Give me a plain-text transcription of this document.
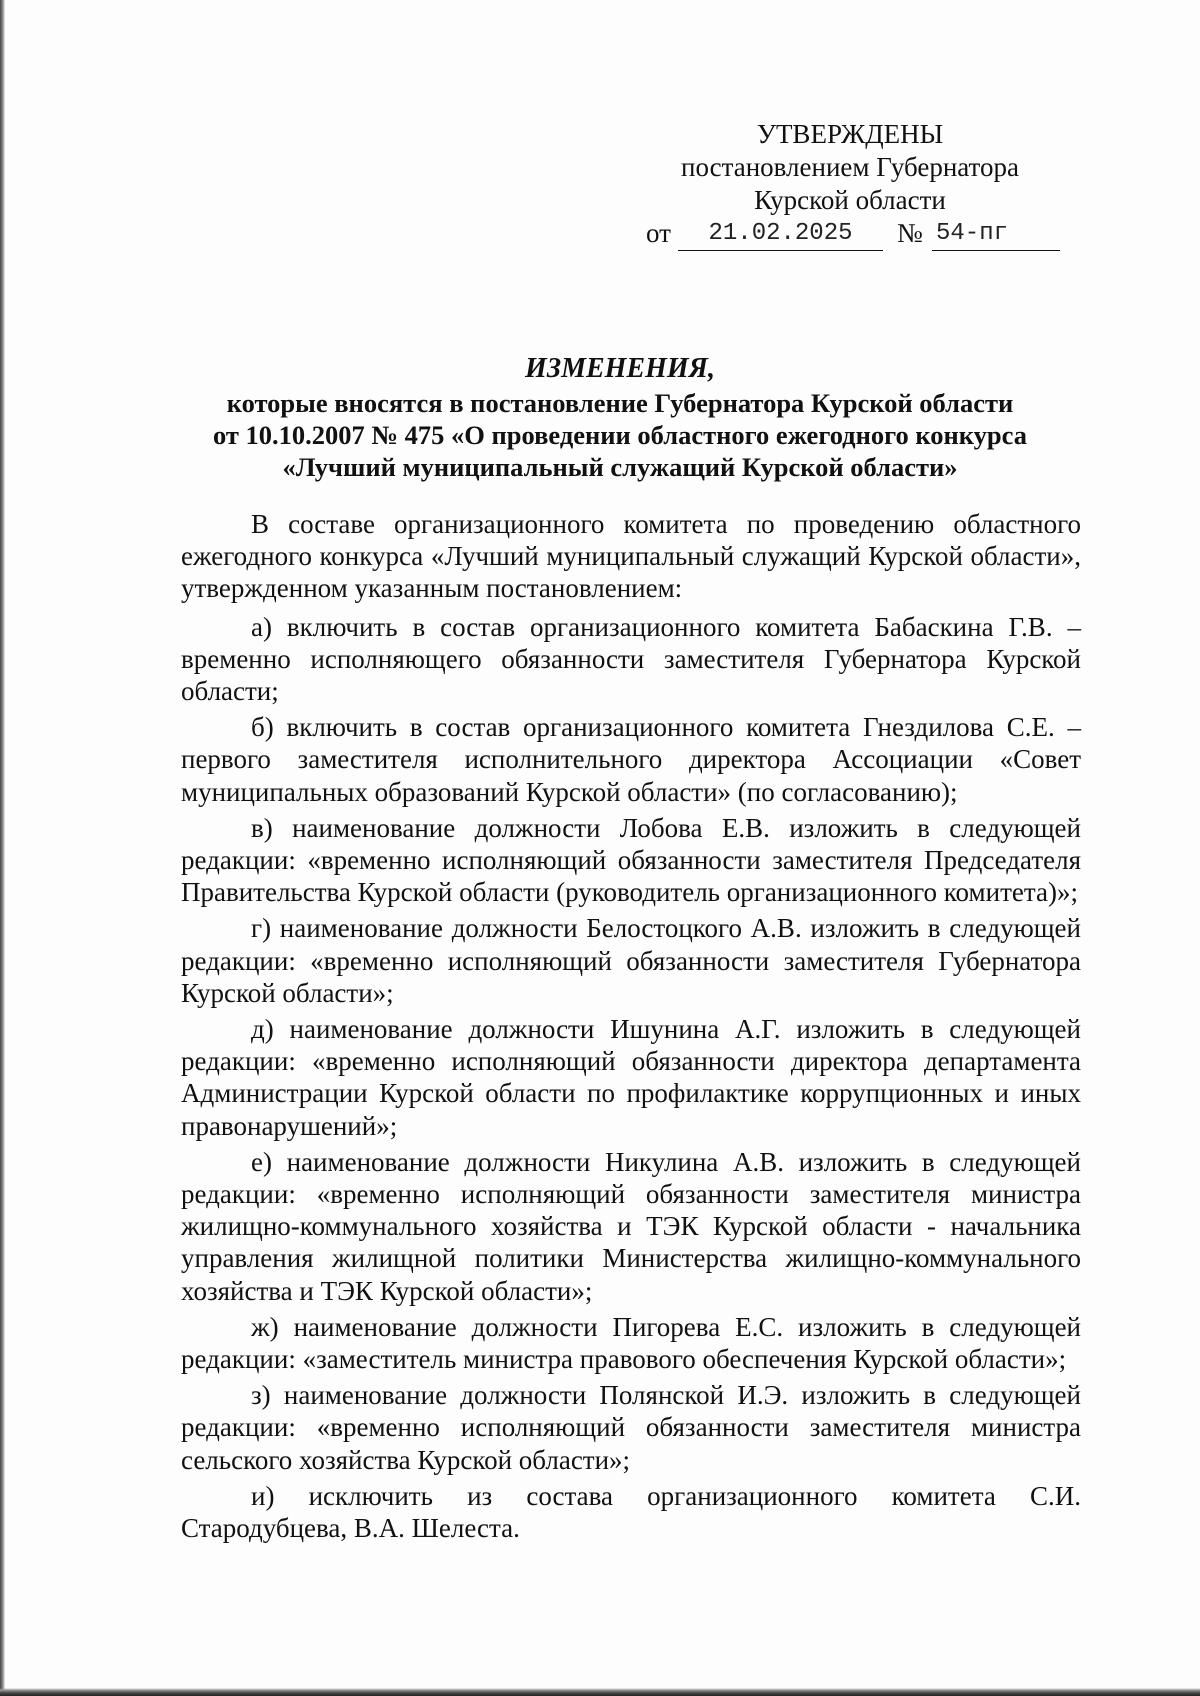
УТВЕРЖДЕНЫ
постановлением Губернатора
Курской области
от	21.02.2025	№ 54-пг
ИЗМЕНЕНИЯ,
которые вносятся в постановление Губернатора Курской области
от 10.10.2007 № 475 «О проведении областного ежегодного конкурса
«Лучший муниципальный служащий Курской области»

В составе организационного комитета по проведению областного ежегодного конкурса «Лучший муниципальный служащий Курской области», утвержденном указанным постановлением:

а) включить в состав организационного комитета Бабаскина Г.В. – временно исполняющего обязанности заместителя Губернатора Курской области;

б) включить в состав организационного комитета Гнездилова С.Е. – первого заместителя исполнительного директора Ассоциации «Совет муниципальных образований Курской области» (по согласованию);

в) наименование должности Лобова Е.В. изложить в следующей редакции: «временно исполняющий обязанности заместителя Председателя Правительства Курской области (руководитель организационного комитета)»;

г) наименование должности Белостоцкого А.В. изложить в следующей редакции: «временно исполняющий обязанности заместителя Губернатора Курской области»;

д) наименование должности Ишунина А.Г. изложить в следующей редакции: «временно исполняющий обязанности директора департамента Администрации Курской области по профилактике коррупционных и иных правонарушений»;

е) наименование должности Никулина А.В. изложить в следующей редакции: «временно исполняющий обязанности заместителя министра жилищно-коммунального хозяйства и ТЭК Курской области - начальника управления жилищной политики Министерства жилищно-коммунального хозяйства и ТЭК Курской области»;

ж) наименование должности Пигорева Е.С. изложить в следующей редакции: «заместитель министра правового обеспечения Курской области»;

з) наименование должности Полянской И.Э. изложить в следующей редакции: «временно исполняющий обязанности заместителя министра сельского хозяйства Курской области»;

и) исключить из состава организационного комитета С.И. Стародубцева, В.А. Шелеста.
